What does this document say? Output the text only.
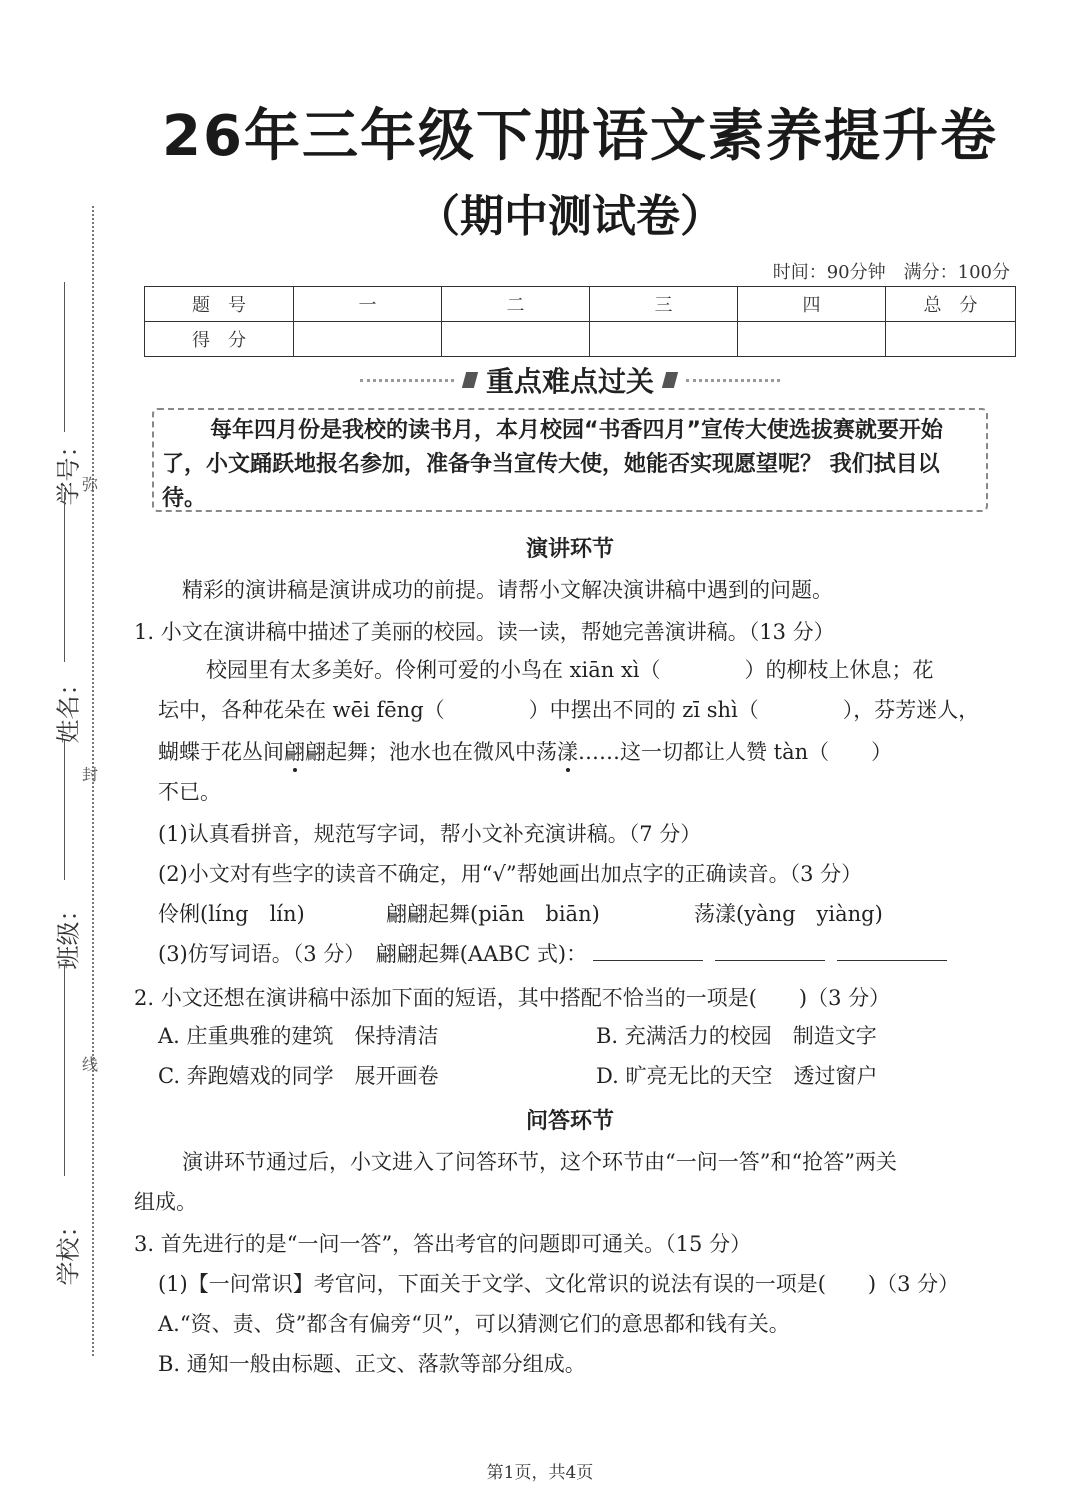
学号：
姓名：
班级：
学校：
弥
封
线
26年三年级下册语文素养提升卷
（期中测试卷）
时间：90分钟　满分：100分
题　号	一	二	三	四	总　分
得　分					
重点难点过关
每年四月份是我校的读书月，本月校园“书香四月”宣传大使选拔赛就要开始了，小文踊跃地报名参加，准备争当宣传大使，她能否实现愿望呢？ 我们拭目以待。
演讲环节
精彩的演讲稿是演讲成功的前提。请帮小文解决演讲稿中遇到的问题。
1. 小文在演讲稿中描述了美丽的校园。读一读，帮她完善演讲稿。（13 分）
校园里有太多美好。伶俐可爱的小鸟在 xiān xì（　　　　）的柳枝上休息；花
坛中，各种花朵在 wēi fēng（　　　　）中摆出不同的 zī shì（　　　　），芬芳迷人，
蝴蝶于花丛间翩翩起舞；池水也在微风中荡漾……这一切都让人赞 tàn（　　）
不已。
(1)认真看拼音，规范写字词，帮小文补充演讲稿。（7 分）
(2)小文对有些字的读音不确定，用“√”帮她画出加点字的正确读音。（3 分）
伶俐(líng　lín)	翩翩起舞(piān　biān)	荡漾(yàng　yiàng)
(3)仿写词语。（3 分）　翩翩起舞(AABC 式)：
2. 小文还想在演讲稿中添加下面的短语，其中搭配不恰当的一项是(　　)（3 分）
A. 庄重典雅的建筑　保持清洁	B. 充满活力的校园　制造文字
C. 奔跑嬉戏的同学　展开画卷	D. 旷亮无比的天空　透过窗户
问答环节
演讲环节通过后，小文进入了问答环节，这个环节由“一问一答”和“抢答”两关
组成。
3. 首先进行的是“一问一答”，答出考官的问题即可通关。（15 分）
(1)【一问常识】考官问，下面关于文学、文化常识的说法有误的一项是(　　)（3 分）
A.“资、责、贷”都含有偏旁“贝”，可以猜测它们的意思都和钱有关。
B. 通知一般由标题、正文、落款等部分组成。
第1页，共4页
